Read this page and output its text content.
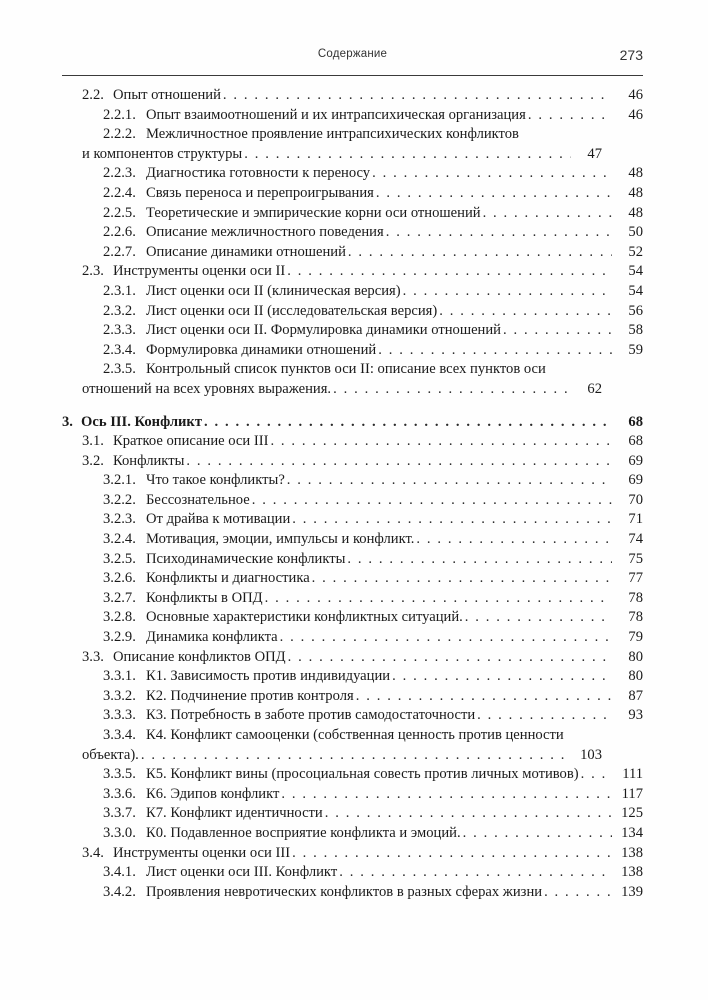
Содержание	273
2.2. Опыт отношений . . .	46
2.2.1. Опыт взаимоотношений и их интрапсихическая организация . . .	46
2.2.2. Межличностное проявление интрапсихических конфликтов
и компонентов структуры . . .	47
2.2.3. Диагностика готовности к переносу . . .	48
2.2.4. Связь переноса и перепроигрывания . . .	48
2.2.5. Теоретические и эмпирические корни оси отношений . . .	48
2.2.6. Описание межличностного поведения . . .	50
2.2.7. Описание динамики отношений . . .	52
2.3. Инструменты оценки оси II . . .	54
2.3.1. Лист оценки оси II (клиническая версия) . . .	54
2.3.2. Лист оценки оси II (исследовательская версия) . . .	56
2.3.3. Лист оценки оси II. Формулировка динамики отношений . . .	58
2.3.4. Формулировка динамики отношений . . .	59
2.3.5. Контрольный список пунктов оси II: описание всех пунктов оси
отношений на всех уровнях выражения. . . .	62
3. Ось III. Конфликт . . .	68
3.1. Краткое описание оси III . . .	68
3.2. Конфликты . . .	69
3.2.1. Что такое конфликты? . . .	69
3.2.2. Бессознательное . . .	70
3.2.3. От драйва к мотивации . . .	71
3.2.4. Мотивация, эмоции, импульсы и конфликт. . . .	74
3.2.5. Психодинамические конфликты . . .	75
3.2.6. Конфликты и диагностика . . .	77
3.2.7. Конфликты в ОПД . . .	78
3.2.8. Основные характеристики конфликтных ситуаций. . . .	78
3.2.9. Динамика конфликта . . .	79
3.3. Описание конфликтов ОПД . . .	80
3.3.1. К1. Зависимость против индивидуации . . .	80
3.3.2. К2. Подчинение против контроля . . .	87
3.3.3. К3. Потребность в заботе против самодостаточности . . .	93
3.3.4. К4. Конфликт самооценки (собственная ценность против ценности
объекта). . . .	103
3.3.5. К5. Конфликт вины (просоциальная совесть против личных мотивов) . . .	111
3.3.6. К6. Эдипов конфликт . . .	117
3.3.7. К7. Конфликт идентичности . . .	125
3.3.0. К0. Подавленное восприятие конфликта и эмоций. . . .	134
3.4. Инструменты оценки оси III . . .	138
3.4.1. Лист оценки оси III. Конфликт . . .	138
3.4.2. Проявления невротических конфликтов в разных сферах жизни . . .	139
